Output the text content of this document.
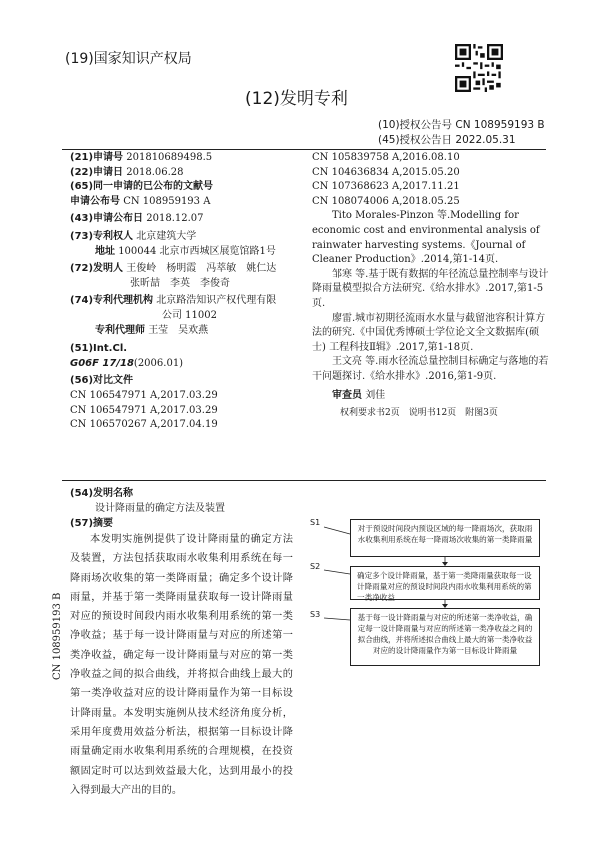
(19)国家知识产权局
(12)发明专利
(10)授权公告号 CN 108959193 B
(45)授权公告日 2022.05.31
(21)申请号
201810689498.5
(22)申请日
2018.06.28
(65)同一申请的已公布的文献号
申请公布号
CN 108959193 A
(43)申请公布日
2018.12.07
(73)专利权人
北京建筑大学
地址
100044 北京市西城区展览馆路1号
(72)发明人
王俊岭　杨明霞　冯萃敏　姚仁达
张昕喆　李英　李俊奇
(74)专利代理机构
北京路浩知识产权代理有限
公司 11002
专利代理师
王莹　吴欢燕
(51)Int.Cl.
G06F 17/18 (2006.01)
(56)对比文件
CN 106547971 A,2017.03.29
CN 106547971 A,2017.03.29
CN 106570267 A,2017.04.19
CN 105839758 A,2016.08.10
CN 104636834 A,2015.05.20
CN 107368623 A,2017.11.21
CN 108074006 A,2018.05.25
Tito Morales-Pinzon 等.Modelling for economic cost and environmental analysis of rainwater harvesting systems.《Journal of Cleaner Production》.2014,第1-14页.
邹寒 等.基于既有数据的年径流总量控制率与设计降雨量模型拟合方法研究.《给水排水》.2017,第1-5页.
廖雷.城市初期径流雨水水量与截留池容积计算方法的研究.《中国优秀博硕士学位论文全文数据库(硕士) 工程科技Ⅱ辑》.2017,第1-18页.
王文亮 等.雨水径流总量控制目标确定与落地的若干问题探讨.《给水排水》.2016,第1-9页.
审查员
刘佳
权利要求书2页　说明书12页　附图3页
(54)发明名称
设计降雨量的确定方法及装置
(57)摘要
本发明实施例提供了设计降雨量的确定方法及装置，方法包括获取雨水收集利用系统在每一降雨场次收集的第一类降雨量；确定多个设计降雨量，并基于第一类降雨量获取每一设计降雨量对应的预设时间段内雨水收集利用系统的第一类净收益；基于每一设计降雨量与对应的所述第一类净收益，确定每一设计降雨量与对应的第一类净收益之间的拟合曲线，并将拟合曲线上最大的第一类净收益对应的设计降雨量作为第一目标设计降雨量。本发明实施例从技术经济角度分析，采用年度费用效益分析法，根据第一目标设计降雨量确定雨水收集利用系统的合理规模，在投资额固定时可以达到效益最大化，达到用最小的投入得到最大产出的目的。
CN 108959193 B
S1
对于预设时间段内预设区域的每一降雨场次，获取雨水收集利用系统在每一降雨场次收集的第一类降雨量
S2
确定多个设计降雨量，基于第一类降雨量获取每一设计降雨量对应的预设时间段内雨水收集利用系统的第一类净收益
S3	基于每一设计降雨量与对应的所述第一类净收益，确定每一设计降雨量与对应的所述第一类净收益之间的拟合曲线，并将所述拟合曲线上最大的第一类净收益对应的设计降雨量作为第一目标设计降雨量
